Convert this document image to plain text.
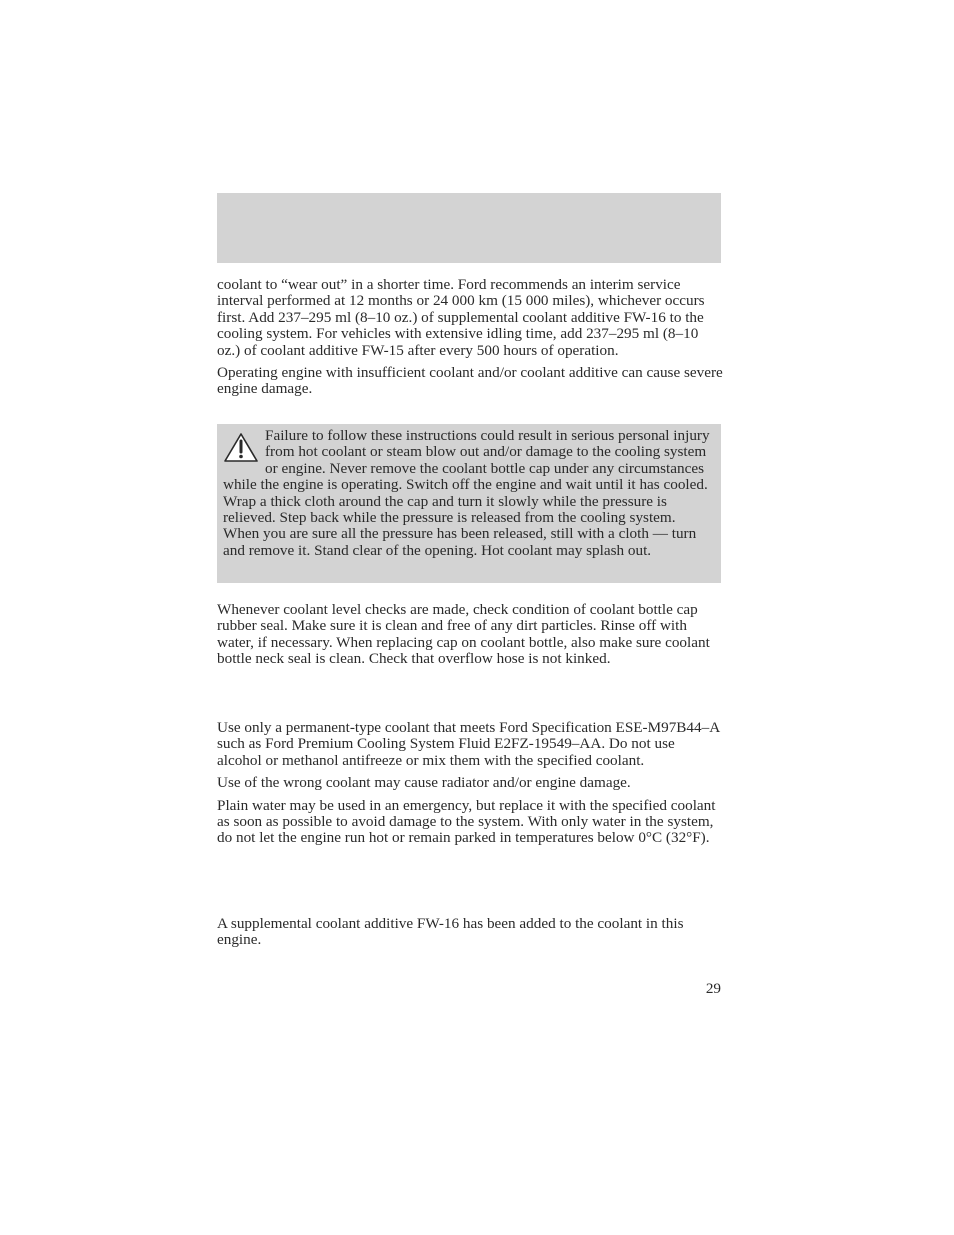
coolant to “wear out” in a shorter time. Ford recommends an interim service interval performed at 12 months or 24 000 km (15 000 miles), whichever occurs first. Add 237–295 ml (8–10 oz.) of supplemental coolant additive FW-16 to the cooling system. For vehicles with extensive idling time, add 237–295 ml (8–10 oz.) of coolant additive FW-15 after every 500 hours of operation.

Operating engine with insufficient coolant and/or coolant additive can cause severe engine damage.

Failure to follow these instructions could result in serious personal injury from hot coolant or steam blow out and/or damage to the cooling system or engine. Never remove the coolant bottle cap under any circumstances while the engine is operating. Switch off the engine and wait until it has cooled. Wrap a thick cloth around the cap and turn it slowly while the pressure is relieved. Step back while the pressure is released from the cooling system. When you are sure all the pressure has been released, still with a cloth — turn and remove it. Stand clear of the opening. Hot coolant may splash out.

Whenever coolant level checks are made, check condition of coolant bottle cap rubber seal. Make sure it is clean and free of any dirt particles. Rinse off with water, if necessary. When replacing cap on coolant bottle, also make sure coolant bottle neck seal is clean. Check that overflow hose is not kinked.

Use only a permanent-type coolant that meets Ford Specification ESE-M97B44–A such as Ford Premium Cooling System Fluid E2FZ-19549–AA. Do not use alcohol or methanol antifreeze or mix them with the specified coolant.

Use of the wrong coolant may cause radiator and/or engine damage.

Plain water may be used in an emergency, but replace it with the specified coolant as soon as possible to avoid damage to the system. With only water in the system, do not let the engine run hot or remain parked in temperatures below 0°C (32°F).

A supplemental coolant additive FW-16 has been added to the coolant in this engine.

29
